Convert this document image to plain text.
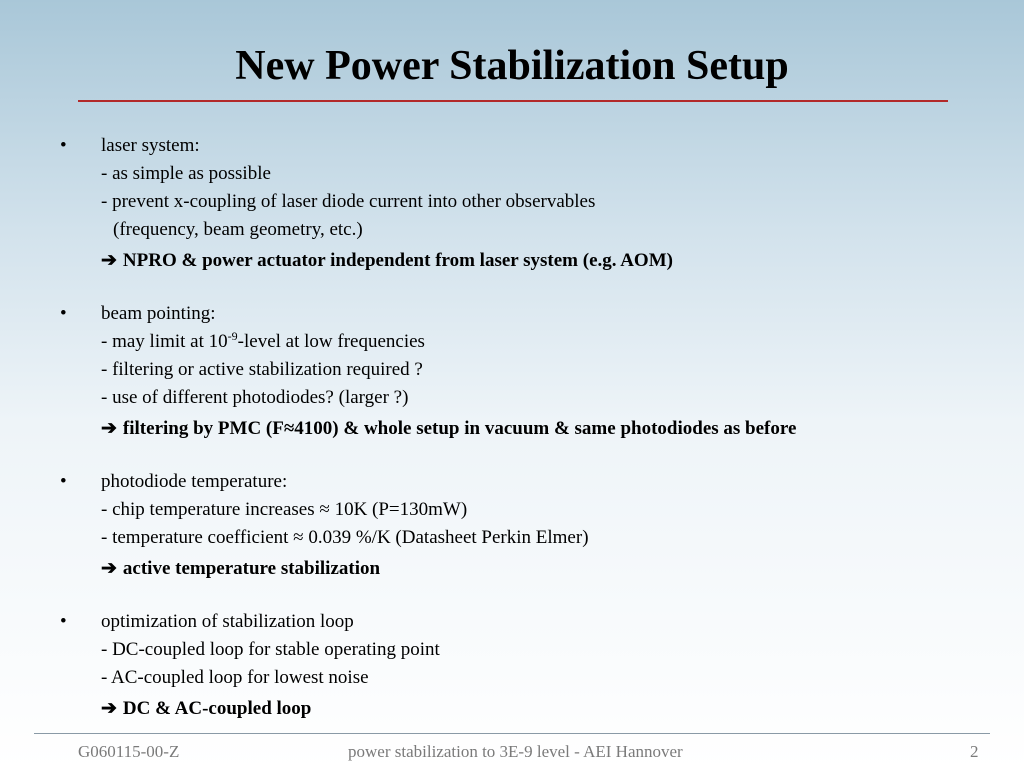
New Power Stabilization Setup
•	laser system:
- as simple as possible
- prevent x-coupling of laser diode current into other observables
(frequency, beam geometry, etc.)
➔ NPRO & power actuator independent from laser system (e.g. AOM)
•	beam pointing:
- may limit at $10^{-9}$-level at low frequencies
- filtering or active stabilization required ?
- use of different photodiodes? (larger ?)
➔ filtering by PMC (F≈4100) & whole setup in vacuum & same photodiodes as before
•	photodiode temperature:
- chip temperature increases ≈ 10K (P=130mW)
- temperature coefficient ≈ 0.039 %/K (Datasheet Perkin Elmer)
➔ active temperature stabilization
•	optimization of stabilization loop
- DC-coupled loop for stable operating point
- AC-coupled loop for lowest noise
➔ DC & AC-coupled loop
G060115-00-Z	power stabilization to 3E-9 level - AEI Hannover	2
